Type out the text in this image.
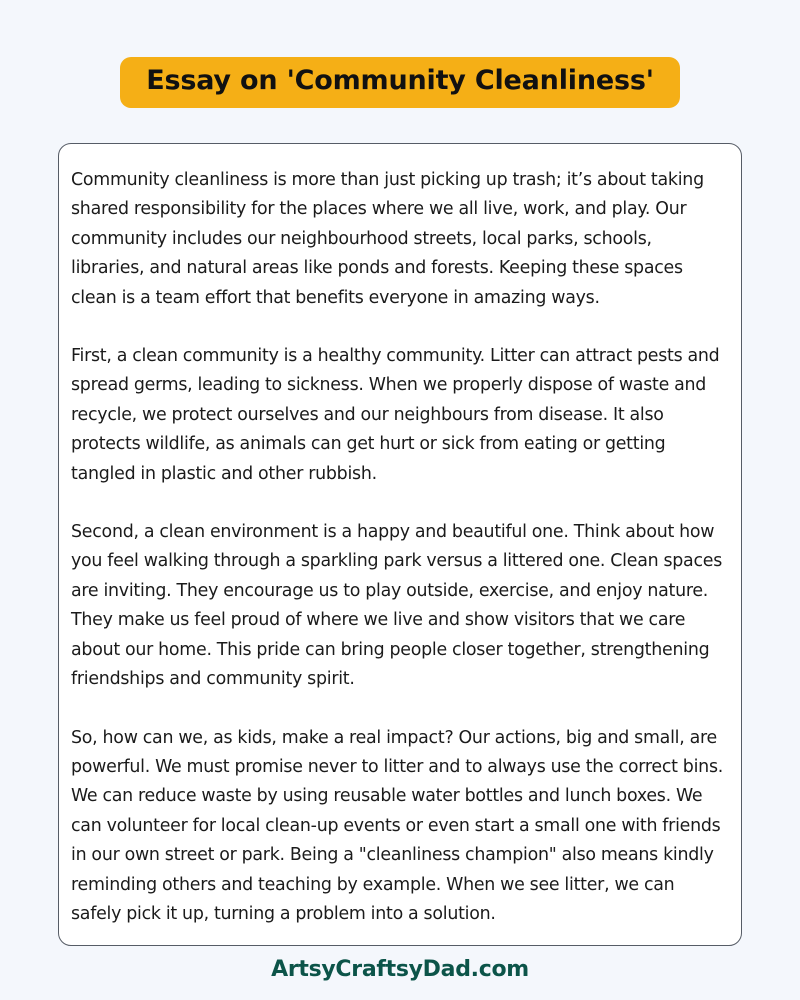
Essay on 'Community Cleanliness'

Community cleanliness is more than just picking up trash; it’s about taking shared responsibility for the places where we all live, work, and play. Our community includes our neighbourhood streets, local parks, schools, libraries, and natural areas like ponds and forests. Keeping these spaces clean is a team effort that benefits everyone in amazing ways.

First, a clean community is a healthy community. Litter can attract pests and spread germs, leading to sickness. When we properly dispose of waste and recycle, we protect ourselves and our neighbours from disease. It also protects wildlife, as animals can get hurt or sick from eating or getting tangled in plastic and other rubbish.

Second, a clean environment is a happy and beautiful one. Think about how you feel walking through a sparkling park versus a littered one. Clean spaces are inviting. They encourage us to play outside, exercise, and enjoy nature. They make us feel proud of where we live and show visitors that we care about our home. This pride can bring people closer together, strengthening friendships and community spirit.

So, how can we, as kids, make a real impact? Our actions, big and small, are powerful. We must promise never to litter and to always use the correct bins. We can reduce waste by using reusable water bottles and lunch boxes. We can volunteer for local clean-up events or even start a small one with friends in our own street or park. Being a "cleanliness champion" also means kindly reminding others and teaching by example. When we see litter, we can safely pick it up, turning a problem into a solution.

ArtsyCraftsyDad.com
